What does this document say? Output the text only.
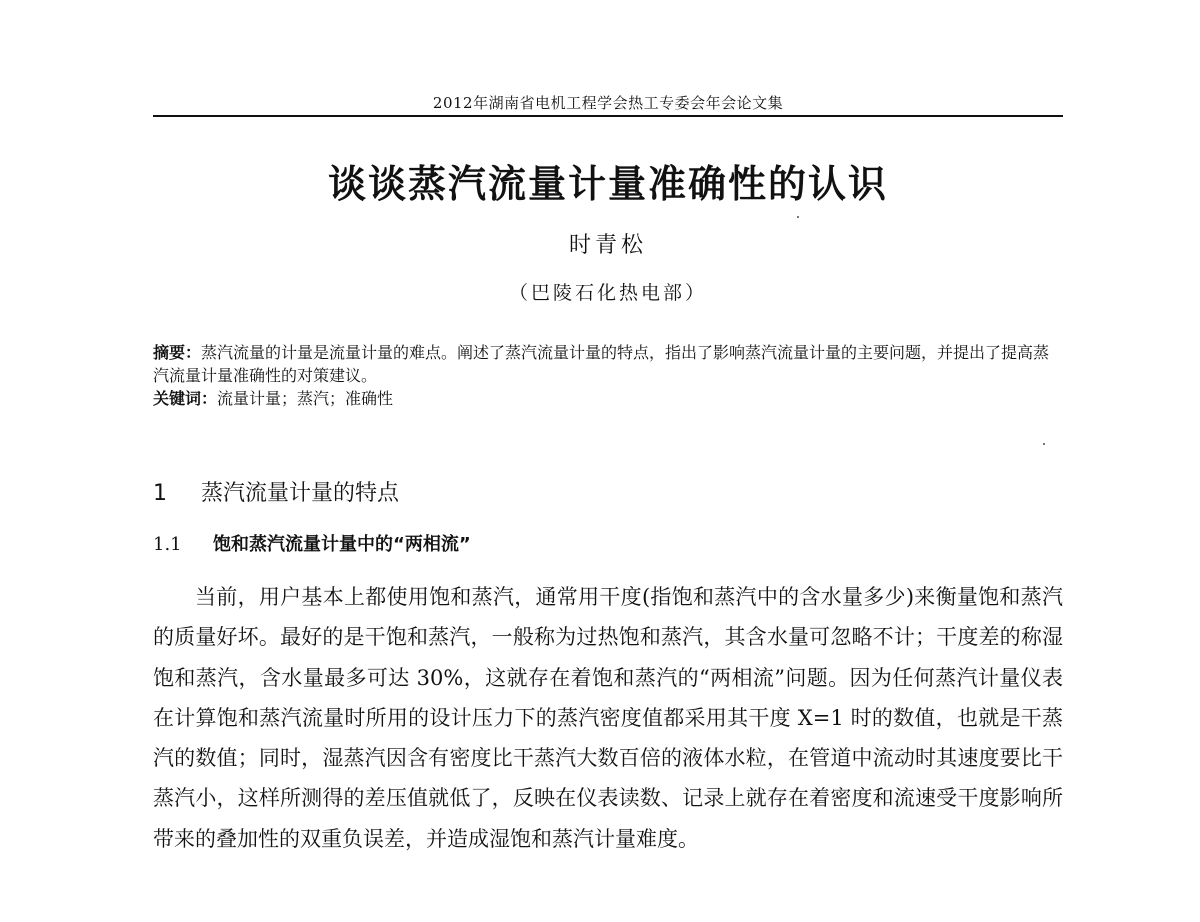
2012年湖南省电机工程学会热工专委会年会论文集
谈谈蒸汽流量计量准确性的认识
时青松
（巴陵石化热电部）
摘要：蒸汽流量的计量是流量计量的难点。阐述了蒸汽流量计量的特点，指出了影响蒸汽流量计量的主要问题，并提出了提高蒸汽流量计量准确性的对策建议。
关键词：流量计量；蒸汽；准确性
1 蒸汽流量计量的特点
1.1 饱和蒸汽流量计量中的“两相流”

当前，用户基本上都使用饱和蒸汽，通常用干度(指饱和蒸汽中的含水量多少)来衡量饱和蒸汽的质量好坏。最好的是干饱和蒸汽，一般称为过热饱和蒸汽，其含水量可忽略不计；干度差的称湿饱和蒸汽，含水量最多可达 30%，这就存在着饱和蒸汽的“两相流”问题。因为任何蒸汽计量仪表在计算饱和蒸汽流量时所用的设计压力下的蒸汽密度值都采用其干度 X=1 时的数值，也就是干蒸汽的数值；同时，湿蒸汽因含有密度比干蒸汽大数百倍的液体水粒，在管道中流动时其速度要比干蒸汽小，这样所测得的差压值就低了，反映在仪表读数、记录上就存在着密度和流速受干度影响所带来的叠加性的双重负误差，并造成湿饱和蒸汽计量难度。
